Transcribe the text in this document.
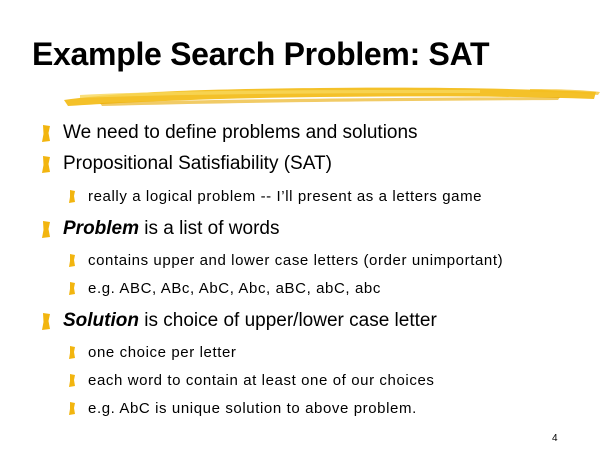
Example Search Problem: SAT
We need to define problems and solutions
Propositional Satisfiability (SAT)
really a logical problem -- I’ll present as a letters game
Problem is a list of words
contains upper and lower case letters (order unimportant)
e.g. ABC, ABc, AbC, Abc, aBC, abC, abc
Solution is choice of upper/lower case letter
one choice per letter
each word to contain at least one of our choices
e.g. AbC is unique solution to above problem.
4
